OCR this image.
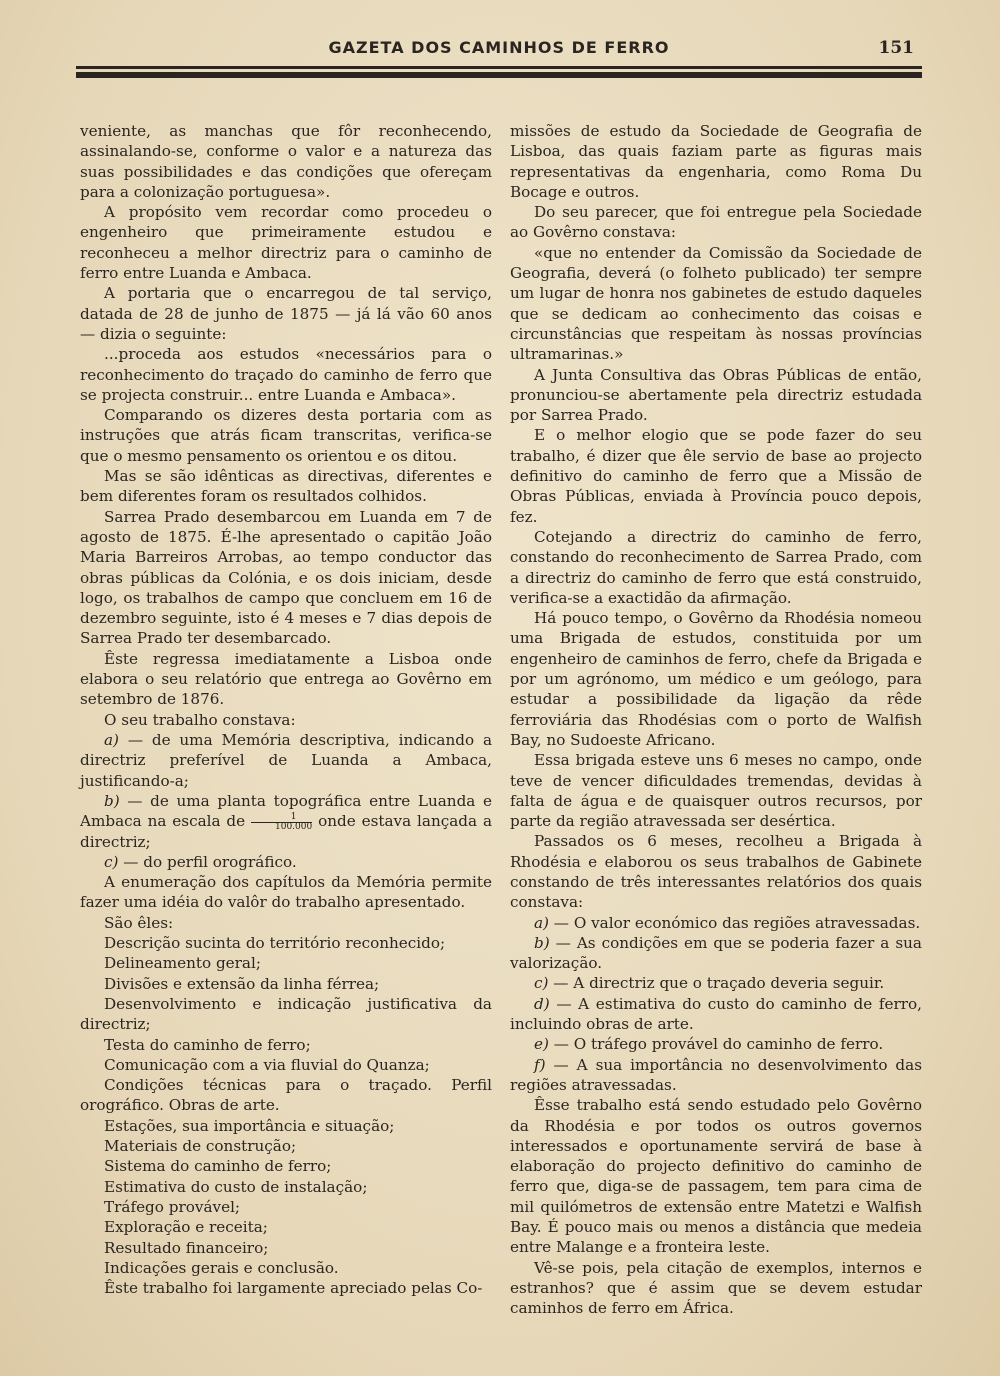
GAZETA DOS CAMINHOS DE FERRO	151

veniente, as manchas que fôr reconhecendo, assinalando-se, conforme o valor e a natureza das suas possibilidades e das condições que ofereçam para a colonização portuguesa».

A propósito vem recordar como procedeu o engenheiro que primeiramente estudou e reconheceu a melhor directriz para o caminho de ferro entre Luanda e Ambaca.

A portaria que o encarregou de tal serviço, datada de 28 de junho de 1875 — já lá vão 60 anos — dizia o seguinte:

...proceda aos estudos «necessários para o reconhecimento do traçado do caminho de ferro que se projecta construir... entre Luanda e Ambaca».

Comparando os dizeres desta portaria com as instruções que atrás ficam transcritas, verifica-se que o mesmo pensamento os orientou e os ditou.

Mas se são idênticas as directivas, diferentes e bem diferentes foram os resultados colhidos.

Sarrea Prado desembarcou em Luanda em 7 de agosto de 1875. É-lhe apresentado o capitão João Maria Barreiros Arrobas, ao tempo conductor das obras públicas da Colónia, e os dois iniciam, desde logo, os trabalhos de campo que concluem em 16 de dezembro seguinte, isto é 4 meses e 7 dias depois de Sarrea Prado ter desembarcado.

Êste regressa imediatamente a Lisboa onde elabora o seu relatório que entrega ao Govêrno em setembro de 1876.

O seu trabalho constava:

a) — de uma Memória descriptiva, indicando a directriz preferível de Luanda a Ambaca, justificando-a;

b) — de uma planta topográfica entre Luanda e Ambaca na escala de $\frac{1}{100.000}$ onde estava lançada a directriz;

c) — do perfil orográfico.

A enumeração dos capítulos da Memória permite fazer uma idéia do valôr do trabalho apresentado.

São êles:

Descrição sucinta do território reconhecido;

Delineamento geral;

Divisões e extensão da linha férrea;

Desenvolvimento e indicação justificativa da directriz;

Testa do caminho de ferro;

Comunicação com a via fluvial do Quanza;

Condições técnicas para o traçado. Perfil orográfico. Obras de arte.

Estações, sua importância e situação;

Materiais de construção;

Sistema do caminho de ferro;

Estimativa do custo de instalação;

Tráfego provável;

Exploração e receita;

Resultado financeiro;

Indicações gerais e conclusão.

Êste trabalho foi largamente apreciado pelas Co-

missões de estudo da Sociedade de Geografia de Lisboa, das quais faziam parte as figuras mais representativas da engenharia, como Roma Du Bocage e outros.

Do seu parecer, que foi entregue pela Sociedade ao Govêrno constava:

«que no entender da Comissão da Sociedade de Geografia, deverá (o folheto publicado) ter sempre um lugar de honra nos gabinetes de estudo daqueles que se dedicam ao conhecimento das coisas e circunstâncias que respeitam às nossas províncias ultramarinas.»

A Junta Consultiva das Obras Públicas de então, pronunciou-se abertamente pela directriz estudada por Sarrea Prado.

E o melhor elogio que se pode fazer do seu trabalho, é dizer que êle servio de base ao projecto definitivo do caminho de ferro que a Missão de Obras Públicas, enviada à Província pouco depois, fez.

Cotejando a directriz do caminho de ferro, constando do reconhecimento de Sarrea Prado, com a directriz do caminho de ferro que está construido, verifica-se a exactidão da afirmação.

Há pouco tempo, o Govêrno da Rhodésia nomeou uma Brigada de estudos, constituida por um engenheiro de caminhos de ferro, chefe da Brigada e por um agrónomo, um médico e um geólogo, para estudar a possibilidade da ligação da rêde ferroviária das Rhodésias com o porto de Walfish Bay, no Sudoeste Africano.

Essa brigada esteve uns 6 meses no campo, onde teve de vencer dificuldades tremendas, devidas à falta de água e de quaisquer outros recursos, por parte da região atravessada ser desértica.

Passados os 6 meses, recolheu a Brigada à Rhodésia e elaborou os seus trabalhos de Gabinete constando de três interessantes relatórios dos quais constava:

a) — O valor económico das regiões atravessadas.

b) — As condições em que se poderia fazer a sua valorização.

c) — A directriz que o traçado deveria seguir.

d) — A estimativa do custo do caminho de ferro, incluindo obras de arte.

e) — O tráfego provável do caminho de ferro.

f) — A sua importância no desenvolvimento das regiões atravessadas.

Êsse trabalho está sendo estudado pelo Govêrno da Rhodésia e por todos os outros governos interessados e oportunamente servirá de base à elaboração do projecto definitivo do caminho de ferro que, diga-se de passagem, tem para cima de mil quilómetros de extensão entre Matetzi e Walfish Bay. É pouco mais ou menos a distância que medeia entre Malange e a fronteira leste.

Vê-se pois, pela citação de exemplos, internos e estranhos? que é assim que se devem estudar caminhos de ferro em África.
